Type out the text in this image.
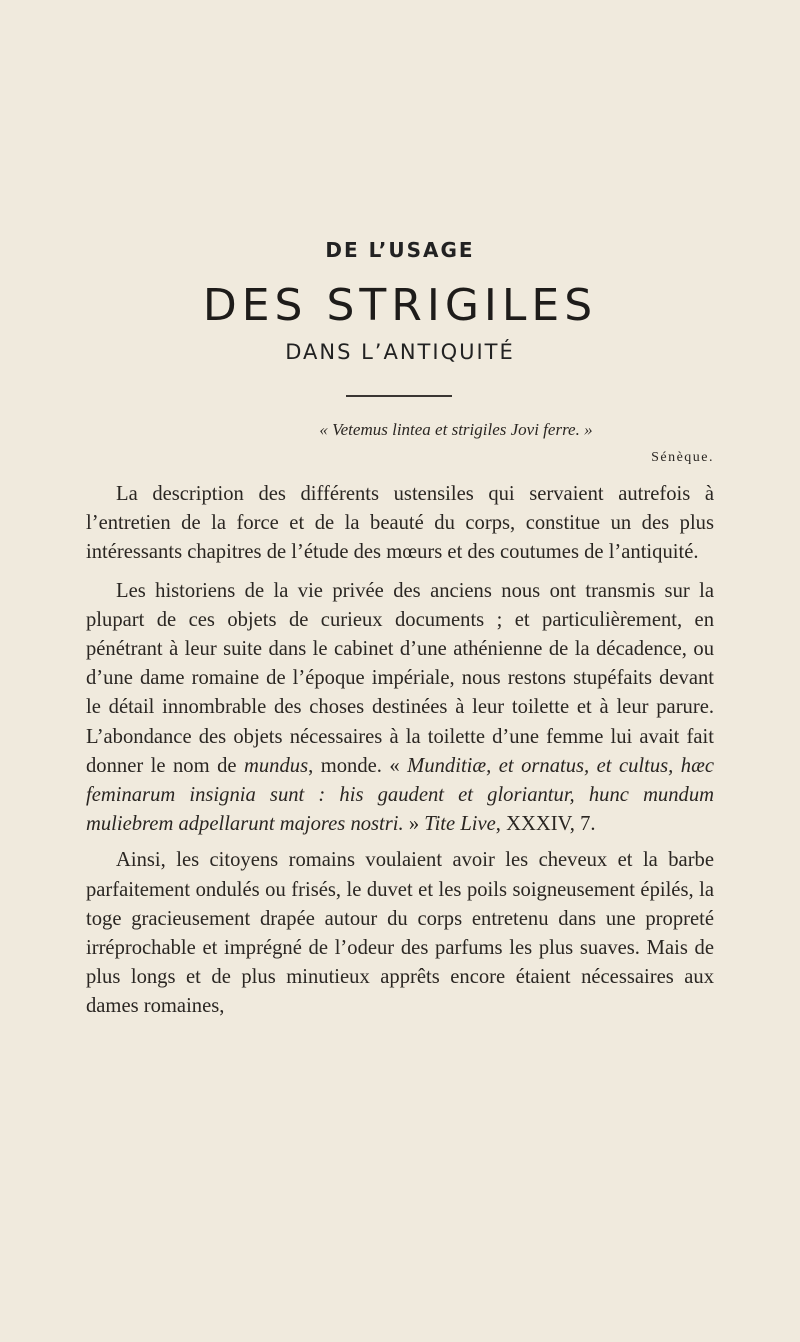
DE L’USAGE
DES STRIGILES
DANS L’ANTIQUITÉ
« Vetemus lintea et strigiles Jovi ferre. »
Sénèque.

La description des différents ustensiles qui servaient autrefois à l’entretien de la force et de la beauté du corps, constitue un des plus intéressants chapitres de l’étude des mœurs et des coutumes de l’antiquité.

Les historiens de la vie privée des anciens nous ont transmis sur la plupart de ces objets de curieux documents ; et particulièrement, en pénétrant à leur suite dans le cabinet d’une athénienne de la décadence, ou d’une dame romaine de l’époque impériale, nous restons stupéfaits devant le détail innombrable des choses destinées à leur toilette et à leur parure. L’abondance des objets nécessaires à la toilette d’une femme lui avait fait donner le nom de mundus, monde. « Munditiæ, et ornatus, et cultus, hæc feminarum insignia sunt : his gaudent et gloriantur, hunc mundum muliebrem adpellarunt majores nostri. » Tite Live, XXXIV, 7.

Ainsi, les citoyens romains voulaient avoir les cheveux et la barbe parfaitement ondulés ou frisés, le duvet et les poils soigneusement épilés, la toge gracieusement drapée autour du corps entretenu dans une propreté irréprochable et imprégné de l’odeur des parfums les plus suaves. Mais de plus longs et de plus minutieux apprêts encore étaient nécessaires aux dames romaines,
